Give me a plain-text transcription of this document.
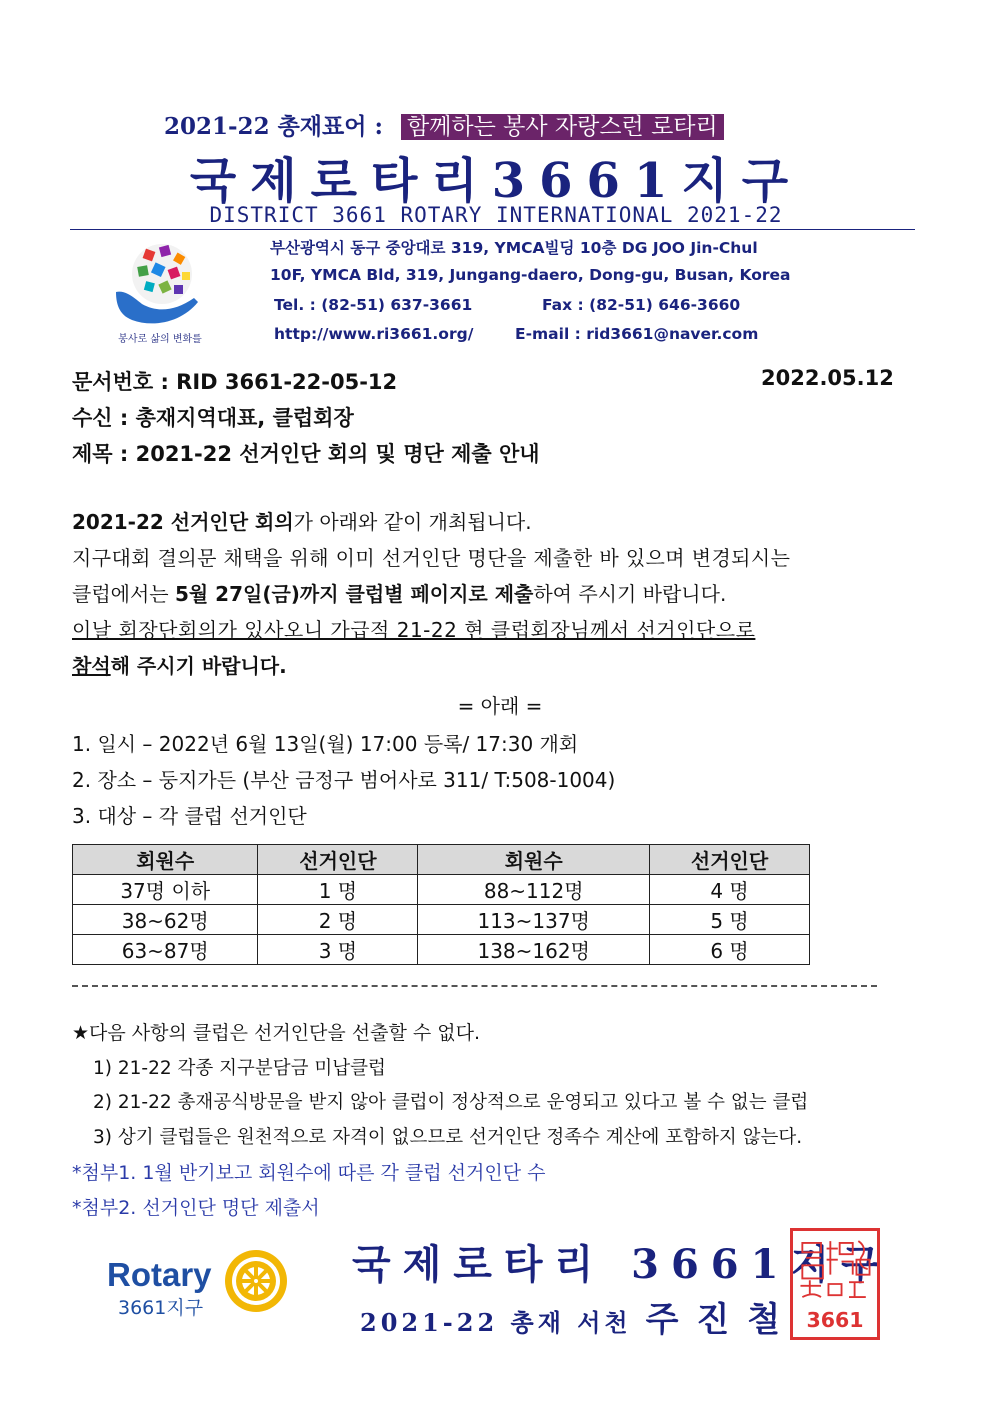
2021-22 총재표어 : 함께하는 봉사 자랑스런 로타리
국제로타리3661지구
DISTRICT 3661 ROTARY INTERNATIONAL 2021-22
봉사로 삶의 변화를
부산광역시 동구 중앙대로 319, YMCA빌딩 10층 DG JOO Jin-Chul
10F, YMCA Bld, 319, Jungang-daero, Dong-gu, Busan, Korea
Tel. : (82-51) 637-3661	Fax : (82-51) 646-3660
http://www.ri3661.org/	E-mail : rid3661@naver.com
문서번호 : RID 3661-22-05-12	2022.05.12
수신 : 총재지역대표, 클럽회장
제목 : 2021-22 선거인단 회의 및 명단 제출 안내
2021-22 선거인단 회의가 아래와 같이 개최됩니다.
지구대회 결의문 채택을 위해 이미 선거인단 명단을 제출한 바 있으며 변경되시는
클럽에서는 5월 27일(금)까지 클럽별 페이지로 제출하여 주시기 바랍니다.
이날 회장단회의가 있사오니 가급적 21-22 현 클럽회장님께서 선거인단으로
참석해 주시기 바랍니다.
= 아래 =
1. 일시 – 2022년 6월 13일(월) 17:00 등록/ 17:30 개회
2. 장소 – 둥지가든 (부산 금정구 범어사로 311/ T:508-1004)
3. 대상 – 각 클럽 선거인단
회원수	선거인단	회원수	선거인단
37명 이하	1 명	88~112명	4 명
38~62명	2 명	113~137명	5 명
63~87명	3 명	138~162명	6 명
★다음 사항의 클럽은 선거인단을 선출할 수 없다.
1) 21-22 각종 지구분담금 미납클럽
2) 21-22 총재공식방문을 받지 않아 클럽이 정상적으로 운영되고 있다고 볼 수 없는 클럽
3) 상기 클럽들은 원천적으로 자격이 없으므로 선거인단 정족수 계산에 포함하지 않는다.
*첨부1. 1월 반기보고 회원수에 따른 각 클럽 선거인단 수
*첨부2. 선거인단 명단 제출서
Rotary
3661지구
국제로타리 3661지구
2021-22 총재 서천 주진철 3661
